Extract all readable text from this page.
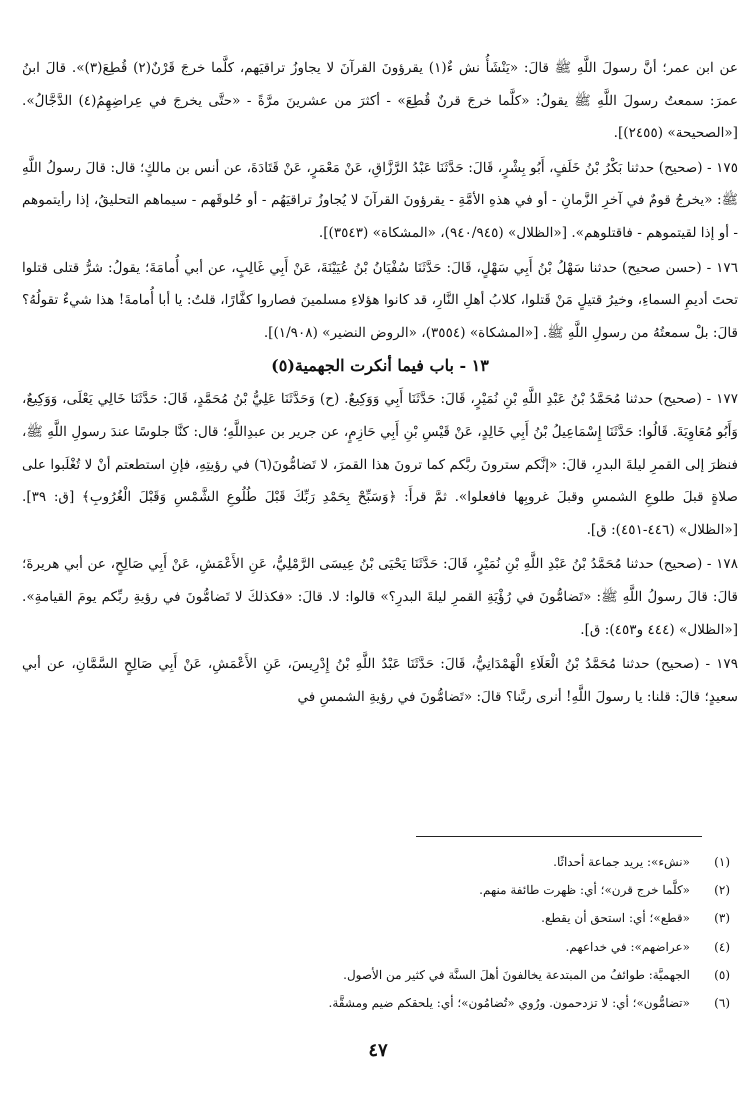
عن ابن عمر؛ أنَّ رسولَ اللَّهِ ﷺ قالَ: «يَنْشَأُ نش ءٌ(١) يقرؤونَ القرآنَ لا يجاوزُ تراقيَهم، كلَّما خرجَ قَرْنٌ(٢) قُطِعَ(٣)». قالَ ابنُ عمرَ: سمعتُ رسولَ اللَّهِ ﷺ يقولُ: «كلَّما خرجَ قرنٌ قُطِعَ» - أكثرَ من عشرينَ مرَّةً - «حتَّى يخرجَ في عِراضِهِمُ(٤) الدَّجَّالُ». [«الصحيحة» (٢٤٥٥)].

١٧٥ - (صحيح) حدثنا بَكْرُ بْنُ خَلَفٍ، أَبُو بِشْرٍ، قَالَ: حَدَّثَنَا عَبْدُ الرَّزَّاقِ، عَنْ مَعْمَرٍ، عَنْ قَتَادَةَ، عن أنس بن مالكٍ؛ قال: قالَ رسولُ اللَّهِ ﷺ: «يخرجُ قومٌ في آخرِ الزَّمانِ - أو في هذهِ الأمَّةِ - يقرؤونَ القرآنَ لا يُجاوزُ تراقيَهُم - أو حُلوقَهم - سيماهم التحليقُ، إذا رأيتموهم - أو إذا لقيتموهم - فاقتلوهم». [«الظلال» (٩٤٠/٩٤٥)، «المشكاة» (٣٥٤٣)].

١٧٦ - (حسن صحيح) حدثنا سَهْلُ بْنُ أَبِي سَهْلٍ، قَالَ: حَدَّثَنَا سُفْيَانُ بْنُ عُيَيْنَةَ، عَنْ أَبِي غَالِبٍ، عن أبي أُمامَةَ؛ يقولُ: شرُّ قتلى قتلوا تحتَ أديمِ السماءِ، وخيرُ قتيلٍ مَنْ قَتلوا، كلابُ أهلِ النَّارِ، قد كانوا هؤلاءِ مسلمينَ فصاروا كفَّارًا، قلتُ: يا أبا أُمامةَ! هذا شيءٌ تقولُهُ؟ قالَ: بلْ سمعتُهُ من رسولِ اللَّهِ ﷺ. [«المشكاة» (٣٥٥٤)، «الروض النضير» (١/٩٠٨)].

١٣ - باب فيما أنكرت الجهمية(٥)

١٧٧ - (صحيح) حدثنا مُحَمَّدُ بْنُ عَبْدِ اللَّهِ بْنِ نُمَيْرٍ، قَالَ: حَدَّثَنَا أَبِي وَوَكِيعٌ. (ح) وَحَدَّثَنَا عَلِيُّ بْنُ مُحَمَّدٍ، قَالَ: حَدَّثَنَا خَالِي يَعْلَى، وَوَكِيعٌ، وَأَبُو مُعَاوِيَةَ. قَالُوا: حَدَّثَنَا إِسْمَاعِيلُ بْنُ أَبِي خَالِدٍ، عَنْ قَيْسِ بْنِ أَبِي حَازِمٍ، عن جرير بن عبدِاللَّهِ؛ قال: كنَّا جلوسًا عندَ رسولِ اللَّهِ ﷺ، فنظرَ إلى القمرِ ليلةَ البدرِ، قالَ: «إنَّكم سترونَ ربَّكم كما ترونَ هذا القمرَ، لا تَضامُّونَ(٦) في رؤيتِهِ، فإنِ استطعتم أنْ لا تُغْلَبوا على صلاةٍ قبلَ طلوعِ الشمسِ وقبلَ غروبِها فافعلوا». ثمَّ قرأَ: ﴿وَسَبِّحْ بِحَمْدِ رَبِّكَ قَبْلَ طُلُوعِ الشَّمْسِ وَقَبْلَ الْغُرُوبِ﴾ [ق: ٣٩]. [«الظلال» (٤٤٦-٤٥١): ق].

١٧٨ - (صحيح) حدثنا مُحَمَّدُ بْنُ عَبْدِ اللَّهِ بْنِ نُمَيْرٍ، قَالَ: حَدَّثَنَا يَحْيَى بْنُ عِيسَى الرَّمْلِيُّ، عَنِ الأَعْمَشِ، عَنْ أَبِي صَالِحٍ، عن أبي هريرةَ؛ قالَ: قالَ رسولُ اللَّهِ ﷺ: «تَضامُّونَ في رُؤْيَةِ القمرِ ليلةَ البدرِ؟» قالوا: لا. قالَ: «فكذلكَ لا تَضامُّونَ في رؤيةِ ربِّكم يومَ القيامةِ». [«الظلال» (٤٤٤ و٤٥٣): ق].

١٧٩ - (صحيح) حدثنا مُحَمَّدُ بْنُ الْعَلَاءِ الْهَمْدَانِيُّ، قَالَ: حَدَّثَنَا عَبْدُ اللَّهِ بْنُ إِدْرِيسَ، عَنِ الأَعْمَشِ، عَنْ أَبِي صَالِحٍ السَّمَّانِ، عن أبي سعيدٍ؛ قالَ: قلنا: يا رسولَ اللَّهِ! أنرى ربَّنا؟ قالَ: «تَضامُّونَ في رؤيةِ الشمسِ في

(١)
«نشء»: يريد جماعة أحداثًا.
(٢)
«كلَّما خرج قرن»؛ أي: ظهرت طائفة منهم.
(٣)
«قطع»؛ أي: استحق أن يقطع.
(٤)
«عراضهم»: في خداعهم.
(٥)
الجهميَّة: طوائفُ من المبتدعة يخالفونَ أهلَ السنَّة في كثير من الأصول.
(٦)
«تضامُّون»؛ أي: لا تزدحمون. ورُوي «تُضامُون»؛ أي: يلحقكم ضيم ومشقَّة.
٤٧
